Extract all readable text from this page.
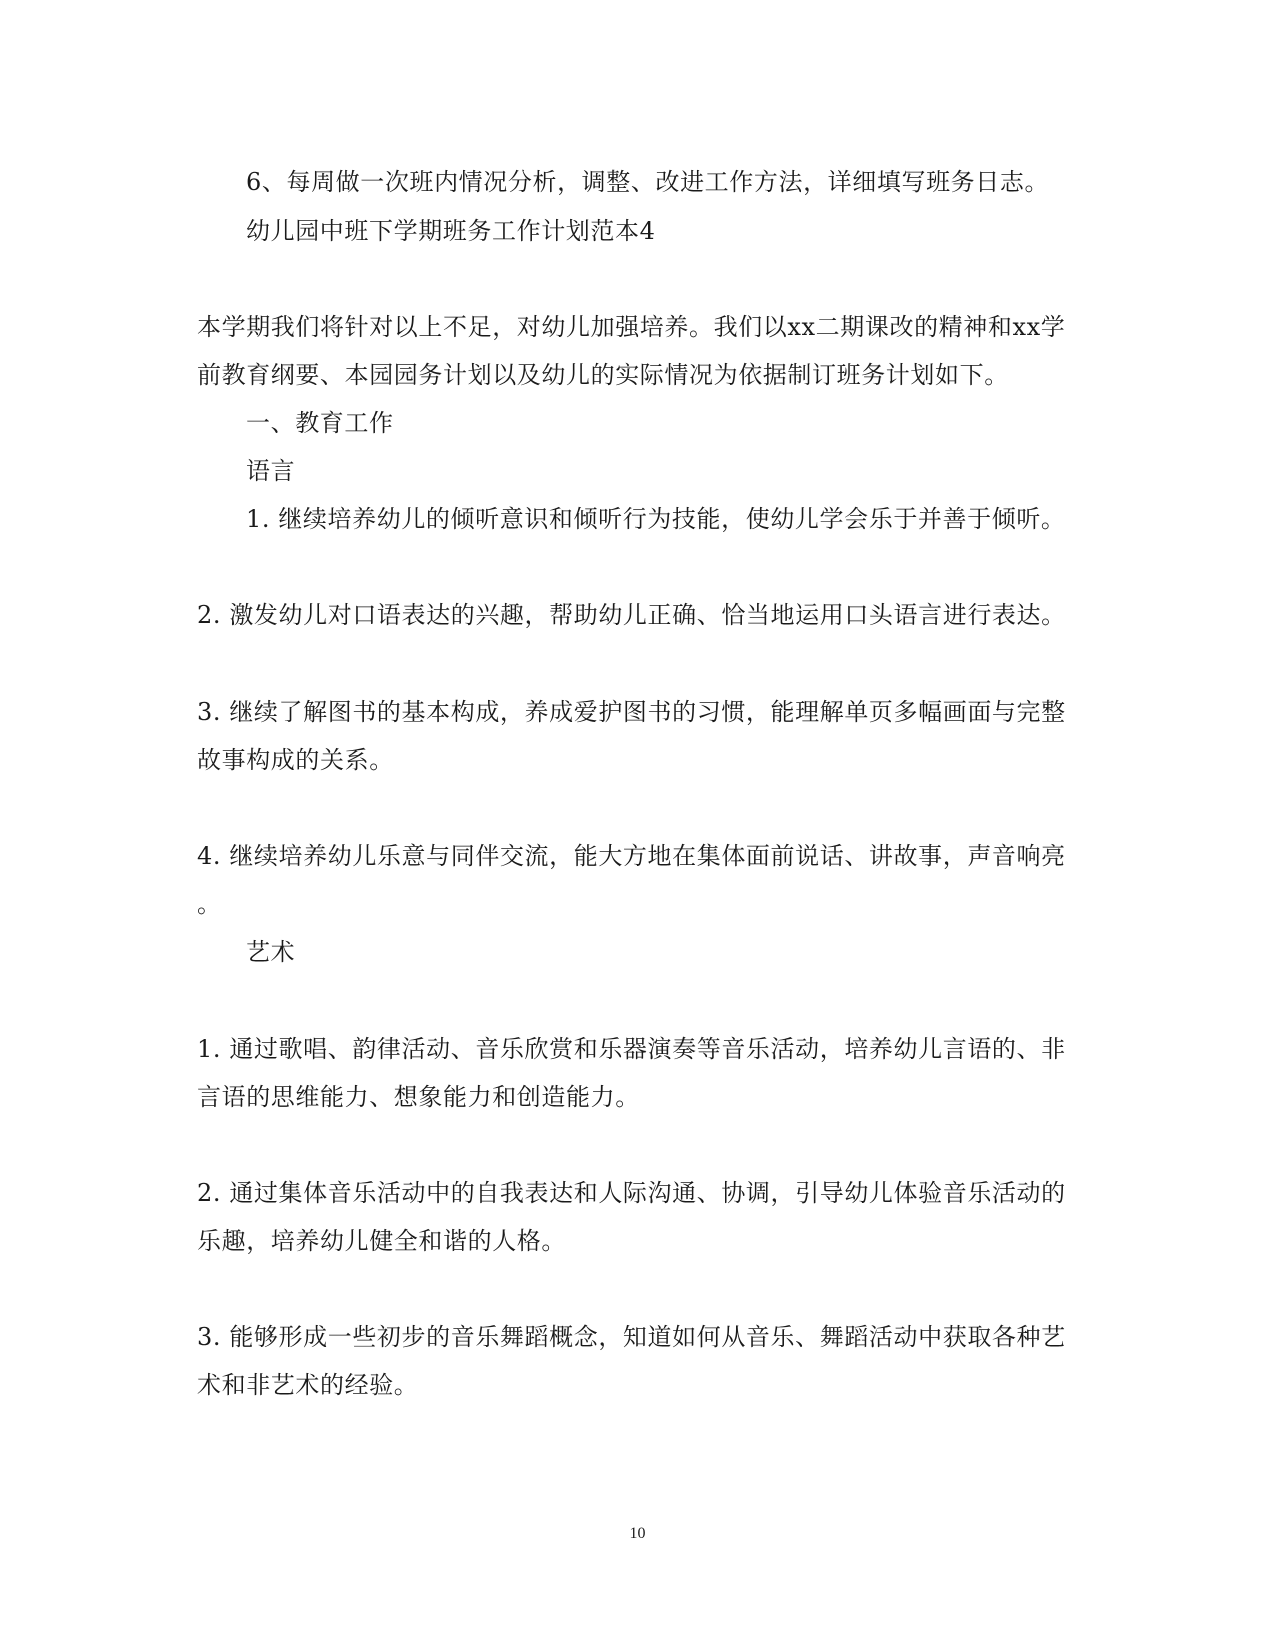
6、每周做一次班内情况分析，调整、改进工作方法，详细填写班务日志。
幼儿园中班下学期班务工作计划范本4
本学期我们将针对以上不足，对幼儿加强培养。我们以xx二期课改的精神和xx学
前教育纲要、本园园务计划以及幼儿的实际情况为依据制订班务计划如下。
一、教育工作
语言
1. 继续培养幼儿的倾听意识和倾听行为技能，使幼儿学会乐于并善于倾听。
2. 激发幼儿对口语表达的兴趣，帮助幼儿正确、恰当地运用口头语言进行表达。
3. 继续了解图书的基本构成，养成爱护图书的习惯，能理解单页多幅画面与完整
故事构成的关系。
4. 继续培养幼儿乐意与同伴交流，能大方地在集体面前说话、讲故事，声音响亮
。
艺术
1. 通过歌唱、韵律活动、音乐欣赏和乐器演奏等音乐活动，培养幼儿言语的、非
言语的思维能力、想象能力和创造能力。
2. 通过集体音乐活动中的自我表达和人际沟通、协调，引导幼儿体验音乐活动的
乐趣，培养幼儿健全和谐的人格。
3. 能够形成一些初步的音乐舞蹈概念，知道如何从音乐、舞蹈活动中获取各种艺
术和非艺术的经验。
10
